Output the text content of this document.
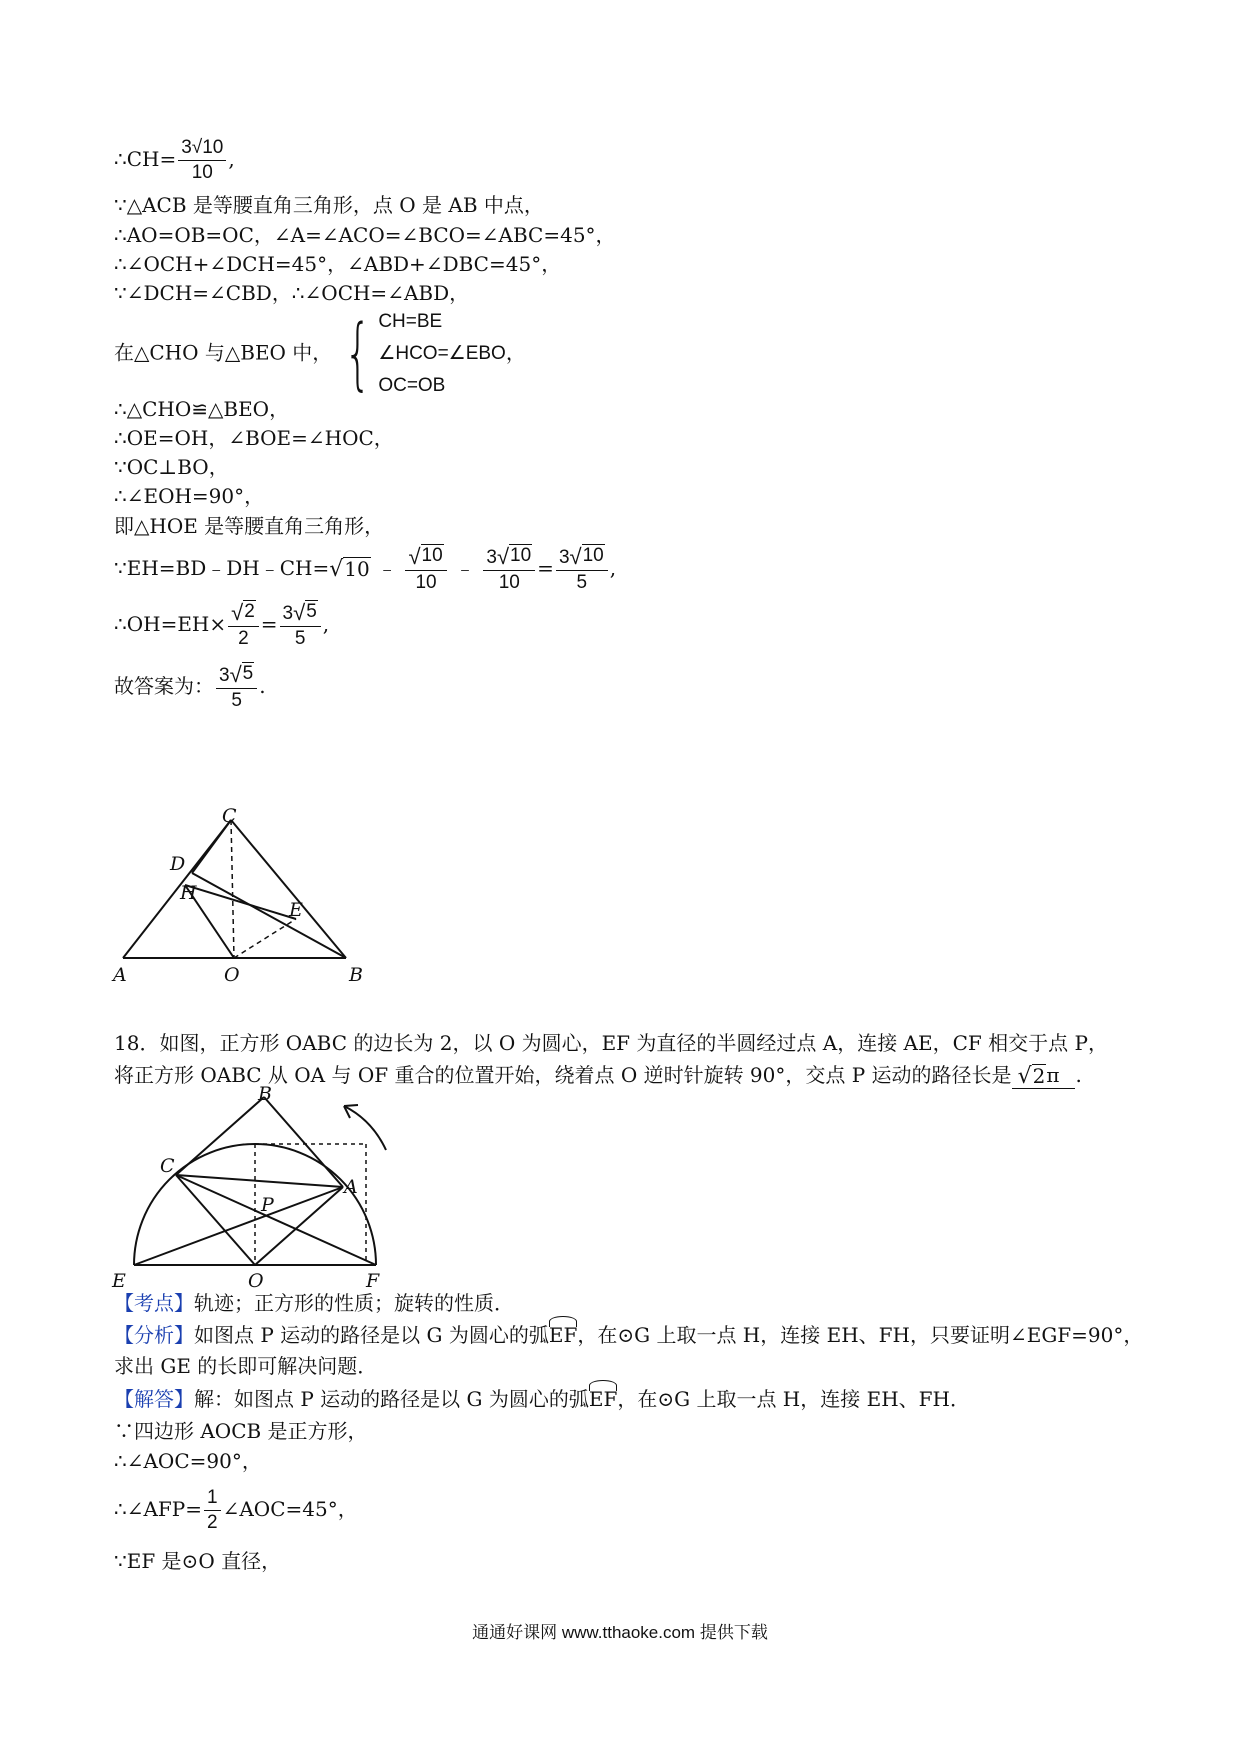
∴CH= $\frac{3√10}{10}$ ,
∵△ACB 是等腰直角三角形，点 O 是 AB 中点，
∴AO=OB=OC，∠A=∠ACO=∠BCO=∠ABC=45°，
∴∠OCH+∠DCH=45°，∠ABD+∠DBC=45°，
∵∠DCH=∠CBD，∴∠OCH=∠ABD，
在△CHO 与△BEO 中， { CH=BE
∠HCO=∠EBO
OC=OB
，
∴△CHO≌△BEO，
∴OE=OH，∠BOE=∠HOC，
∵OC⊥BO，
∴∠EOH=90°，
即△HOE 是等腰直角三角形，
∵EH=BD﹣DH﹣CH= √ 10 ﹣ $\frac{√ 10}{10}$ ﹣ $\frac{3 √ 10}{10} = \frac{3 √ 10}{5}$ ,
∴OH=EH× $\frac{√ 2}{2} = \frac{3 √ 5}{5}$ ,
故答案为： $\frac{3 √ 5}{5}$ .
C
D
H
E
A	O	B
18．如图，正方形 OABC 的边长为 2，以 O 为圆心，EF 为直径的半圆经过点 A，连接 AE，CF 相交于点 P，
将正方形 OABC 从 OA 与 OF 重合的位置开始，绕着点 O 逆时针旋转 90°，交点 P 运动的路径长是 √ 2 π .
B
C
A
P
E	O	F
【考点】轨迹；正方形的性质；旋转的性质．
【分析】如图点 P 运动的路径是以 G 为圆心的弧EF，在⊙G 上取一点 H，连接 EH、FH，只要证明∠EGF=90°，
求出 GE 的长即可解决问题．
【解答】解：如图点 P 运动的路径是以 G 为圆心的弧EF，在⊙G 上取一点 H，连接 EH、FH．
∵四边形 AOCB 是正方形，
∴∠AOC=90°，
∴∠AFP= $\frac{1}{2}$ ∠AOC=45°，
∵EF 是⊙O 直径，
通通好课网 www.tthaoke.com 提供下载
